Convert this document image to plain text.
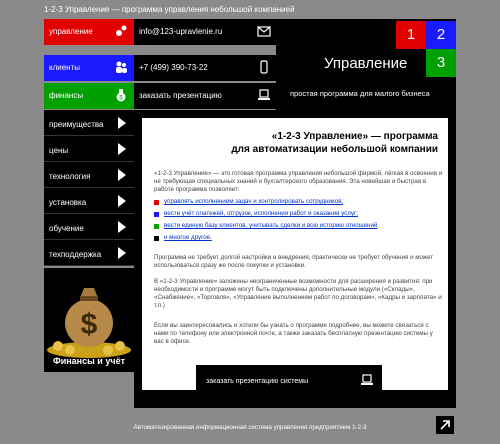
1-2-3 Управление — программа управления небольшой компанией
управление
клиенты
финансы	$
info@123-upravlenie.ru
+7 (499) 390-73-22
заказать презентацию
1	2
3
Управление
простая программа для малого бизнеса
преимущества
цены
технология
установка
обучение
техподдержка
$
Финансы и учёт
«1-2-3 Управление» — программа
для автоматизации небольшой компании
«1-2-3 Управление» — это готовая программа управления небольшой фирмой, лёгкая в освоении и не требующая специальных знаний и бухгалтерского образования. Эта новейшая и быстрая в работе программа позволяет:
управлять исполнением задач и контролировать сотрудников;
вести учёт платежей, отгрузок, исполнения работ и оказания услуг;
вести единую базу клиентов, учитывать сделки и всю историю отношений
и многое другое.
Программа не требует долгой настройки и внедрения, практически не требует обучения и может использоваться сразу же после покупки и установки.
В «1-2-3 Управление» заложены неограниченные возможности для расширения и развития: при необходимости и программе могут быть подключены дополнительные модули («Склады», «Снабжение», «Торговля», «Управление выполнением работ по договорам», «Кадры и зарплата» и т.п.)
Если вы заинтересовались и хотели бы узнать о программе подробнее, вы можете связаться с нами по телефону или электронной почте, а также заказать бесплатную презентацию системы у вас в офисе.
заказать презентацию системы
Автоматизированная информационная система управления предприятием 1-2-3
